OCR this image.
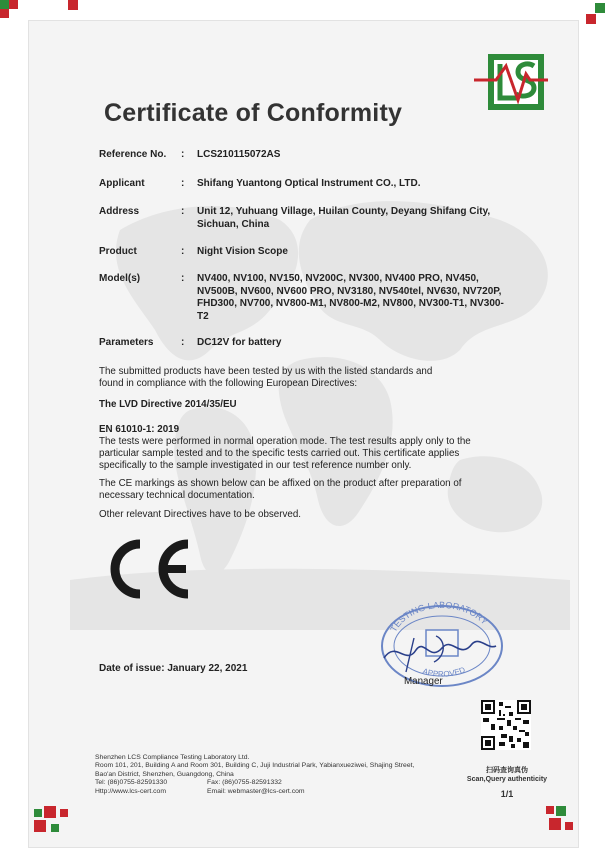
Certificate of Conformity
Reference No. : LCS210115072AS
Applicant	: Shifang Yuantong Optical Instrument CO., LTD.
Address	: Unit 12, Yuhuang Village, Huilan County, Deyang Shifang City, Sichuan, China
Product	: Night Vision Scope
Model(s)	: NV400, NV100, NV150, NV200C, NV300, NV400 PRO, NV450, NV500B, NV600, NV600 PRO, NV3180, NV540tel, NV630, NV720P, FHD300, NV700, NV800-M1, NV800-M2, NV800, NV300-T1, NV300-T2
Parameters	: DC12V for battery
The submitted products have been tested by us with the listed standards and found in compliance with the following European Directives:
The LVD Directive 2014/35/EU
EN 61010-1: 2019
The tests were performed in normal operation mode. The test results apply only to the particular sample tested and to the specific tests carried out. This certificate applies specifically to the sample investigated in our test reference number only.
The CE markings as shown below can be affixed on the product after preparation of necessary technical documentation.
Other relevant Directives have to be observed.
TESTING LABORATORY
APPROVED
Manager
Date of issue: January 22, 2021
扫码查询真伪
Scan,Query authenticity
1/1
Shenzhen LCS Compliance Testing Laboratory Ltd.
Room 101, 201, Building A and Room 301, Building C, Juji Industrial Park, Yabianxueziwei, Shajing Street,
Bao'an District, Shenzhen, Guangdong, China
Tel: (86)0755-82591330	Fax: (86)0755-82591332
Http://www.lcs-cert.com	Email: webmaster@lcs-cert.com
